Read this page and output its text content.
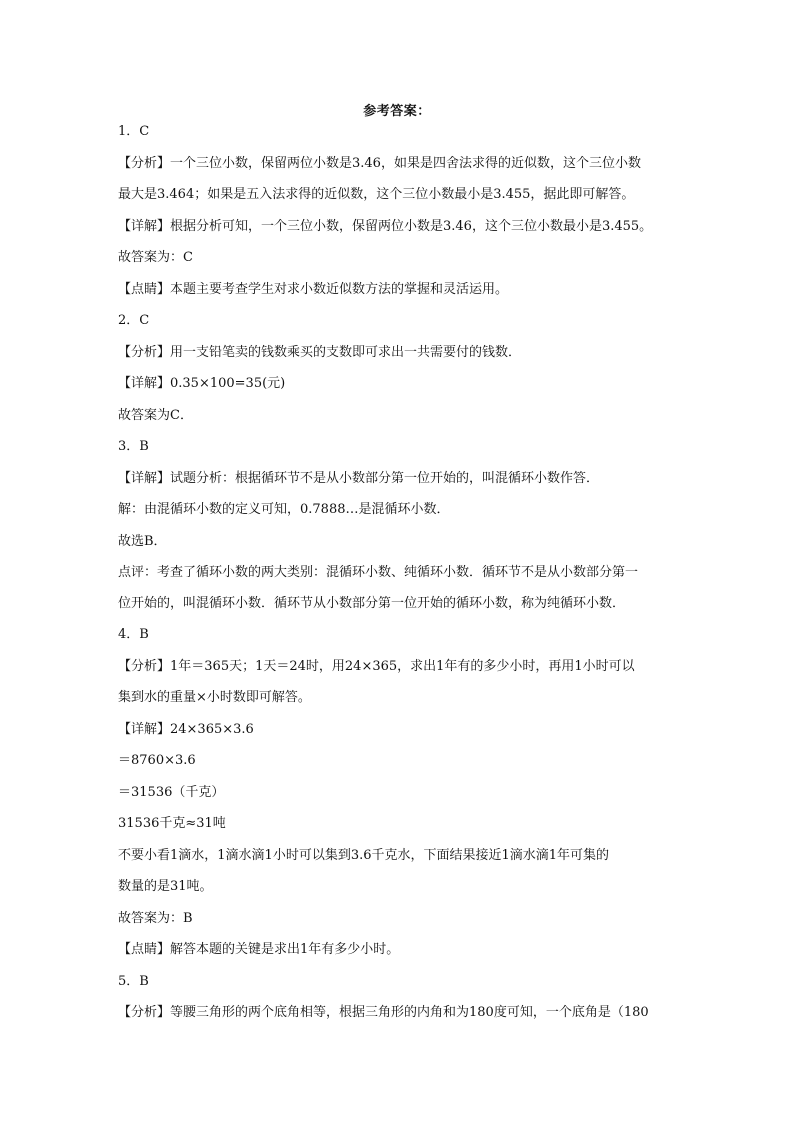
参考答案：
1．C
【分析】一个三位小数，保留两位小数是3.46，如果是四舍法求得的近似数，这个三位小数
最大是3.464；如果是五入法求得的近似数，这个三位小数最小是3.455，据此即可解答。
【详解】根据分析可知，一个三位小数，保留两位小数是3.46，这个三位小数最小是3.455。
故答案为：C
【点睛】本题主要考查学生对求小数近似数方法的掌握和灵活运用。
2．C
【分析】用一支铅笔卖的钱数乘买的支数即可求出一共需要付的钱数．
【详解】0.35×100=35(元)
故答案为C．
3．B
【详解】试题分析：根据循环节不是从小数部分第一位开始的，叫混循环小数作答．
解：由混循环小数的定义可知，0.7888…是混循环小数．
故选B．
点评：考查了循环小数的两大类别：混循环小数、纯循环小数．循环节不是从小数部分第一
位开始的，叫混循环小数．循环节从小数部分第一位开始的循环小数，称为纯循环小数．
4．B
【分析】1年＝365天；1天＝24时，用24×365，求出1年有的多少小时，再用1小时可以
集到水的重量×小时数即可解答。
【详解】24×365×3.6
＝8760×3.6
＝31536（千克）
31536千克≈31吨
不要小看1滴水，1滴水滴1小时可以集到3.6千克水，下面结果接近1滴水滴1年可集的
数量的是31吨。
故答案为：B
【点睛】解答本题的关键是求出1年有多少小时。
5．B
【分析】等腰三角形的两个底角相等，根据三角形的内角和为180度可知，一个底角是（180
